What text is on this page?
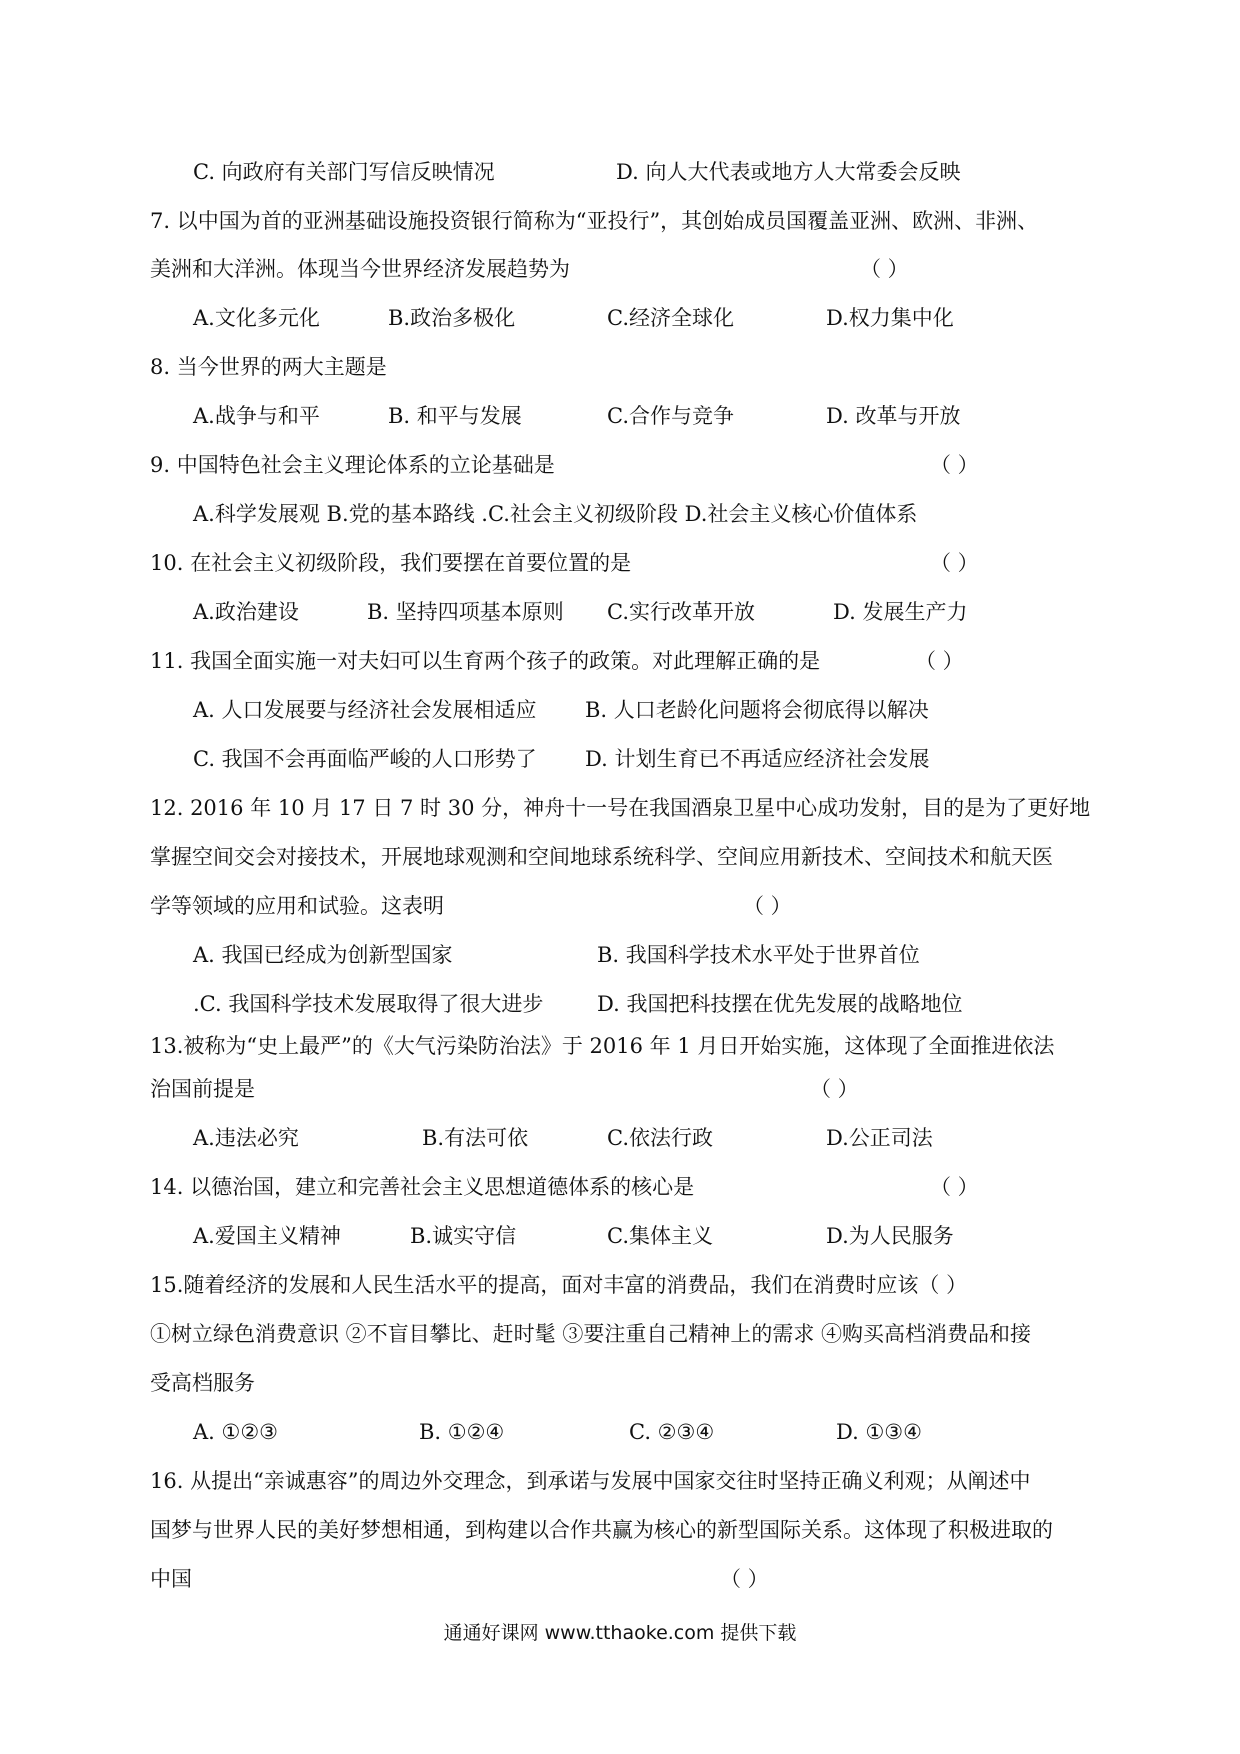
C. 向政府有关部门写信反映情况	D. 向人大代表或地方人大常委会反映
7. 以中国为首的亚洲基础设施投资银行简称为“亚投行”，其创始成员国覆盖亚洲、欧洲、非洲、
美洲和大洋洲。体现当今世界经济发展趋势为	（ ）
A.文化多元化	B.政治多极化	C.经济全球化	D.权力集中化
8. 当今世界的两大主题是
A.战争与和平	B. 和平与发展	C.合作与竞争	D. 改革与开放
9. 中国特色社会主义理论体系的立论基础是	（ ）
A.科学发展观 B.党的基本路线 .C.社会主义初级阶段 D.社会主义核心价值体系
10. 在社会主义初级阶段，我们要摆在首要位置的是	（ ）
A.政治建设	B. 坚持四项基本原则 C.实行改革开放	D. 发展生产力
11. 我国全面实施一对夫妇可以生育两个孩子的政策。对此理解正确的是	（ ）
A. 人口发展要与经济社会发展相适应 B. 人口老龄化问题将会彻底得以解决
C. 我国不会再面临严峻的人口形势了 D. 计划生育已不再适应经济社会发展
12. 2016 年 10 月 17 日 7 时 30 分，神舟十一号在我国酒泉卫星中心成功发射，目的是为了更好地
掌握空间交会对接技术，开展地球观测和空间地球系统科学、空间应用新技术、空间技术和航天医
学等领域的应用和试验。这表明	（ ）
A. 我国已经成为创新型国家	B. 我国科学技术水平处于世界首位
.C. 我国科学技术发展取得了很大进步	D. 我国把科技摆在优先发展的战略地位
13.被称为“史上最严”的《大气污染防治法》于 2016 年 1 月日开始实施，这体现了全面推进依法
治国前提是	（ ）
A.违法必究	B.有法可依	C.依法行政	D.公正司法
14. 以德治国，建立和完善社会主义思想道德体系的核心是	（ ）
A.爱国主义精神	B.诚实守信	C.集体主义	D.为人民服务
15.随着经济的发展和人民生活水平的提高，面对丰富的消费品，我们在消费时应该（ ）
①树立绿色消费意识 ②不盲目攀比、赶时髦 ③要注重自己精神上的需求 ④购买高档消费品和接
受高档服务
A. ①②③	B. ①②④	C. ②③④	D. ①③④
16. 从提出“亲诚惠容”的周边外交理念，到承诺与发展中国家交往时坚持正确义利观；从阐述中
国梦与世界人民的美好梦想相通，到构建以合作共赢为核心的新型国际关系。这体现了积极进取的
中国	（ ）
通通好课网 www.tthaoke.com 提供下载
